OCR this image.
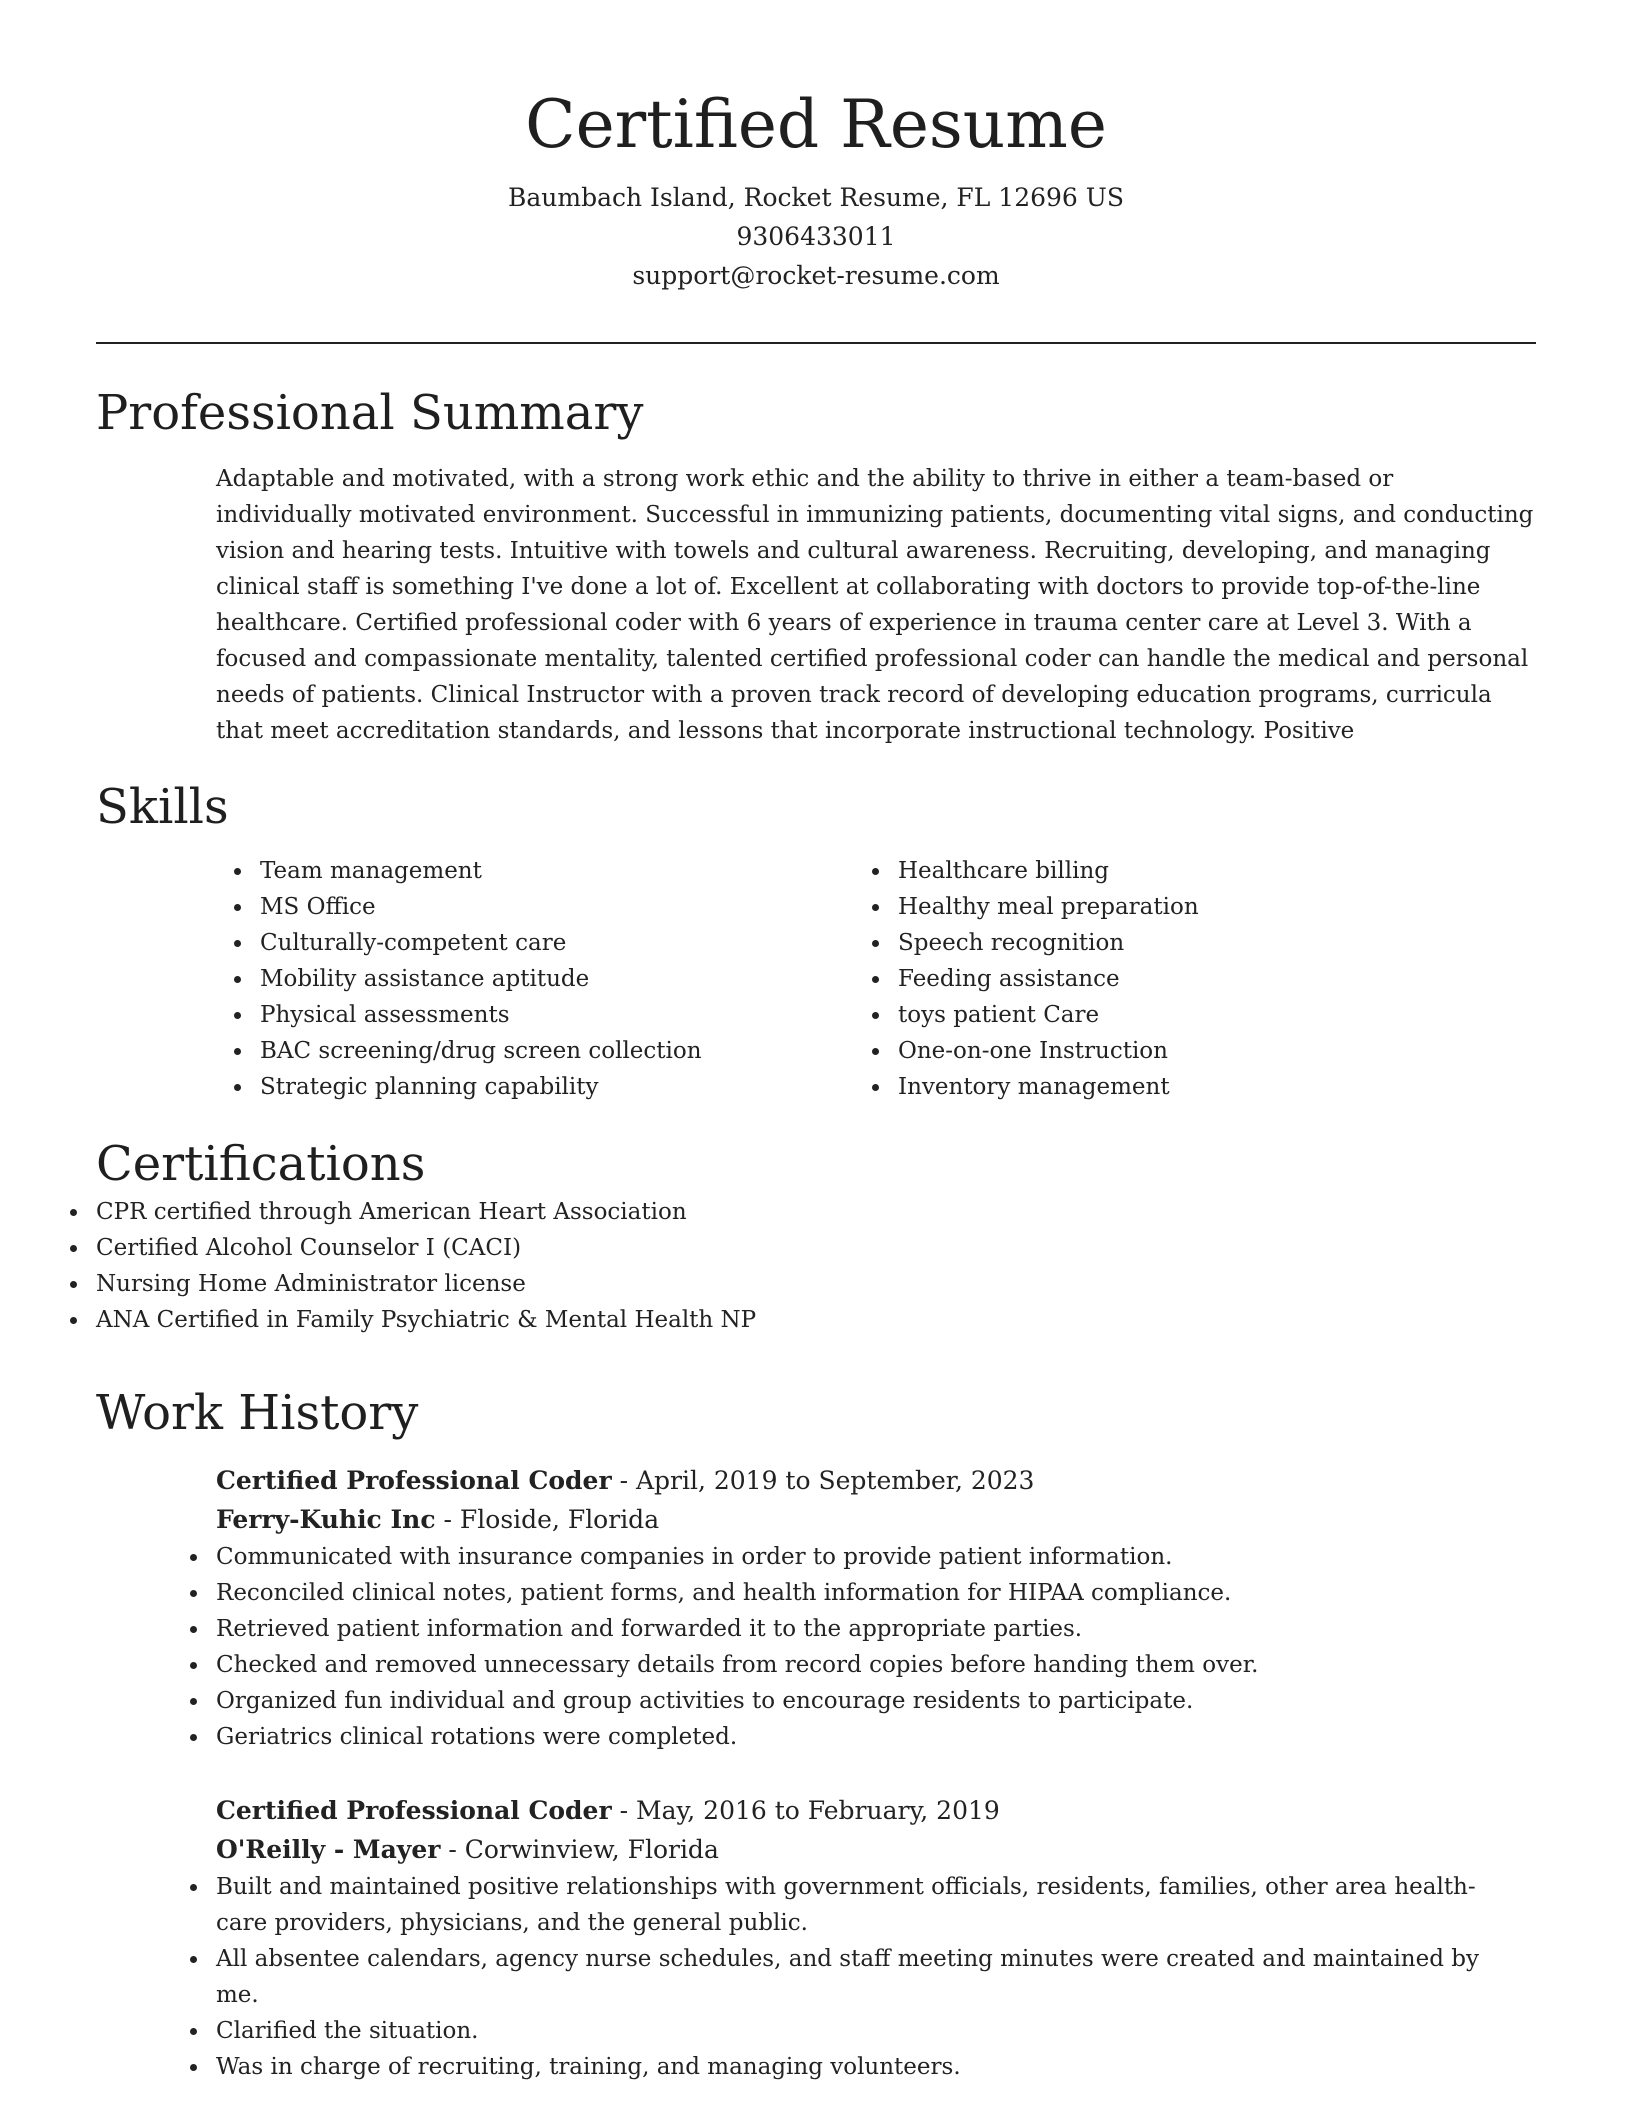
Certified Resume
Baumbach Island, Rocket Resume, FL 12696 US
9306433011
support@rocket-resume.com
Professional Summary
Adaptable and motivated, with a strong work ethic and the ability to thrive in either a team-based or individually motivated environment. Successful in immunizing patients, documenting vital signs, and conducting vision and hearing tests. Intuitive with towels and cultural awareness. Recruiting, developing, and managing clinical staff is something I've done a lot of. Excellent at collaborating with doctors to provide top-of-the-line healthcare. Certified professional coder with 6 years of experience in trauma center care at Level 3. With a focused and compassionate mentality, talented certified professional coder can handle the medical and personal needs of patients. Clinical Instructor with a proven track record of developing education programs, curricula that meet accreditation standards, and lessons that incorporate instructional technology. Positive
Skills
Team management
MS Office
Culturally-competent care
Mobility assistance aptitude
Physical assessments
BAC screening/drug screen collection
Strategic planning capability
Healthcare billing
Healthy meal preparation
Speech recognition
Feeding assistance
toys patient Care
One-on-one Instruction
Inventory management
Certifications
CPR certified through American Heart Association
Certified Alcohol Counselor I (CACI)
Nursing Home Administrator license
ANA Certified in Family Psychiatric & Mental Health NP
Work History
Certified Professional Coder - April, 2019 to September, 2023
Ferry-Kuhic Inc - Floside, Florida
Communicated with insurance companies in order to provide patient information.
Reconciled clinical notes, patient forms, and health information for HIPAA compliance.
Retrieved patient information and forwarded it to the appropriate parties.
Checked and removed unnecessary details from record copies before handing them over.
Organized fun individual and group activities to encourage residents to participate.
Geriatrics clinical rotations were completed.
Certified Professional Coder - May, 2016 to February, 2019
O'Reilly - Mayer - Corwinview, Florida
Built and maintained positive relationships with government officials, residents, families, other area health-care providers, physicians, and the general public.
All absentee calendars, agency nurse schedules, and staff meeting minutes were created and maintained by me.
Clarified the situation.
Was in charge of recruiting, training, and managing volunteers.
